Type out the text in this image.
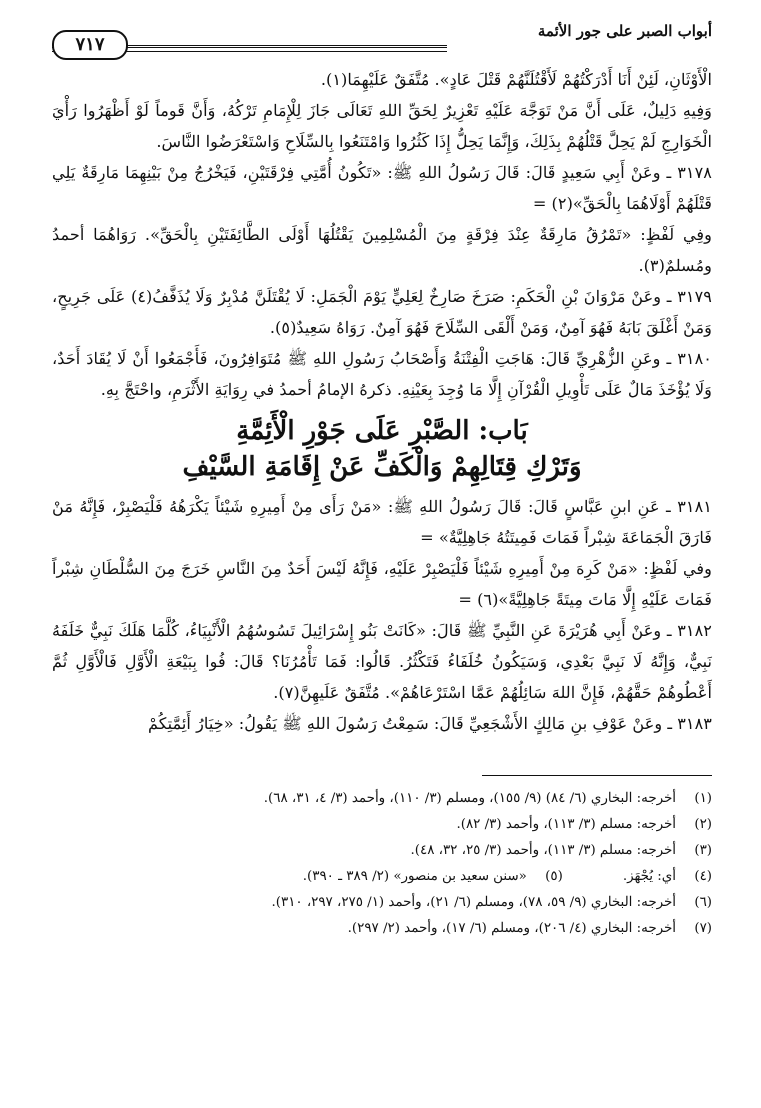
أبواب الصبر على جور الأئمة
٧١٧

الْأَوْثَانِ، لَئِنْ أَنَا أَدْرَكْتُهُمْ لَأَقْتُلَنَّهُمْ قَتْلَ عَادٍ». مُتَّفَقٌ عَلَيْهِمَا(١).

وَفِيهِ دَلِيلٌ، عَلَى أَنَّ مَنْ تَوَجَّهَ عَلَيْهِ تَعْزِيرٌ لِحَقِّ اللهِ تَعَالَى جَازَ لِلْإِمَامِ تَرْكُهُ، وَأَنَّ قَوماً لَوْ أَظْهَرُوا رَأْيَ الْخَوَارِجِ لَمْ يَحِلَّ قَتْلُهُمْ بِذَلِكَ، وَإِنَّمَا يَحِلُّ إِذَا كَثُرُوا وَامْتَنَعُوا بِالسِّلَاحِ وَاسْتَعْرَضُوا النَّاسَ.

٣١٧٨ ـ وعَنْ أَبِي سَعِيدٍ قَالَ: قَالَ رَسُولُ اللهِ ﷺ: «تَكُونُ أُمَّتِي فِرْقَتَيْنِ، فَيَخْرُجُ مِنْ بَيْنِهِمَا مَارِقَةٌ يَلِي قَتْلَهُمْ أَوْلَاهُمَا بِالْحَقِّ»(٢) =

وفِي لَفْظٍ: «تَمْرُقُ مَارِقَةٌ عِنْدَ فِرْقَةٍ مِنَ الْمُسْلِمِينَ يَقْتُلُهَا أَوْلَى الطَّائِفَتَيْنِ بِالْحَقِّ». رَوَاهُمَا أحمدُ ومُسلمٌ(٣).

٣١٧٩ ـ وعَنْ مَرْوَانَ بْنِ الْحَكَمِ: صَرَخَ صَارِخٌ لِعَلِيٍّ يَوْمَ الْجَمَلِ: لَا يُقْتَلَنَّ مُدْبِرٌ وَلَا يُذَفَّفُ(٤) عَلَى جَرِيحٍ، وَمَنْ أَغْلَقَ بَابَهُ فَهُوَ آمِنٌ، وَمَنْ أَلْقَى السِّلَاحَ فَهُوَ آمِنٌ. رَوَاهُ سَعِيدٌ(٥).

٣١٨٠ ـ وعَنِ الزُّهْرِيِّ قَالَ: هَاجَتِ الْفِتْنَةُ وَأَصْحَابُ رَسُولِ اللهِ ﷺ مُتَوَافِرُونَ، فَأَجْمَعُوا أَنْ لَا يُقَادَ أَحَدٌ، وَلَا يُؤْخَذَ مَالٌ عَلَى تَأْوِيلِ الْقُرْآنِ إِلَّا مَا وُجِدَ بِعَيْنِهِ. ذكرهُ الإمامُ أحمدُ في رِوَايَةِ الأَثْرَمِ، واحْتَجَّ بِهِ.

بَاب: الصَّبْرِ عَلَى جَوْرِ الْأَئِمَّةِ
وَتَرْكِ قِتَالِهِمْ وَالْكَفِّ عَنْ إِقَامَةِ السَّيْفِ

٣١٨١ ـ عَنِ ابنِ عَبَّاسٍ قَالَ: قَالَ رَسُولُ اللهِ ﷺ: «مَنْ رَأَى مِنْ أَمِيرِهِ شَيْئاً يَكْرَهُهُ فَلْيَصْبِرْ، فَإِنَّهُ مَنْ فَارَقَ الْجَمَاعَةَ شِبْراً فَمَاتَ فَمِيتَتُهُ جَاهِلِيَّةٌ» =

وفي لَفْظٍ: «مَنْ كَرِهَ مِنْ أَمِيرِهِ شَيْئاً فَلْيَصْبِرْ عَلَيْهِ، فَإِنَّهُ لَيْسَ أَحَدٌ مِنَ النَّاسِ خَرَجَ مِنَ السُّلْطَانِ شِبْراً فَمَاتَ عَلَيْهِ إِلَّا مَاتَ مِيتَةً جَاهِلِيَّةً»(٦) =

٣١٨٢ ـ وعَنْ أَبِي هُرَيْرَةَ عَنِ النَّبِيِّ ﷺ قَالَ: «كَانَتْ بَنُو إِسْرَائِيلَ تَسُوسُهُمُ الْأَنْبِيَاءُ، كُلَّمَا هَلَكَ نَبِيٌّ خَلَفَهُ نَبِيٌّ، وَإِنَّهُ لَا نَبِيَّ بَعْدِي، وَسَيَكُونُ خُلَفَاءُ فَتَكْثُرُ. قَالُوا: فَمَا تَأْمُرُنَا؟ قَالَ: فُوا بِبَيْعَةِ الْأَوَّلِ فَالْأَوَّلِ ثُمَّ أَعْطُوهُمْ حَقَّهُمْ، فَإِنَّ اللهَ سَائِلُهُمْ عَمَّا اسْتَرْعَاهُمْ». مُتَّفَقٌ عَلَيهِنَّ(٧).

٣١٨٣ ـ وعَنْ عَوْفِ بنِ مَالِكٍ الأَشْجَعِيِّ قَالَ: سَمِعْتُ رَسُولَ اللهِ ﷺ يَقُولُ: «خِيَارُ أَئِمَّتِكُمْ

(١)أخرجه: البخاري (٦/ ٨٤) (٩/ ١٥٥)، ومسلم (٣/ ١١٠)، وأحمد (٣/ ٤، ٣١، ٦٨).

(٢)أخرجه: مسلم (٣/ ١١٣)، وأحمد (٣/ ٨٢).

(٣)أخرجه: مسلم (٣/ ١١٣)، وأحمد (٣/ ٢٥، ٣٢، ٤٨).

(٤)أي: يُجْهَز.

(٥)«سنن سعيد بن منصور» (٢/ ٣٨٩ ـ ٣٩٠).

(٦)أخرجه: البخاري (٩/ ٥٩، ٧٨)، ومسلم (٦/ ٢١)، وأحمد (١/ ٢٧٥، ٢٩٧، ٣١٠).

(٧)أخرجه: البخاري (٤/ ٢٠٦)، ومسلم (٦/ ١٧)، وأحمد (٢/ ٢٩٧).
